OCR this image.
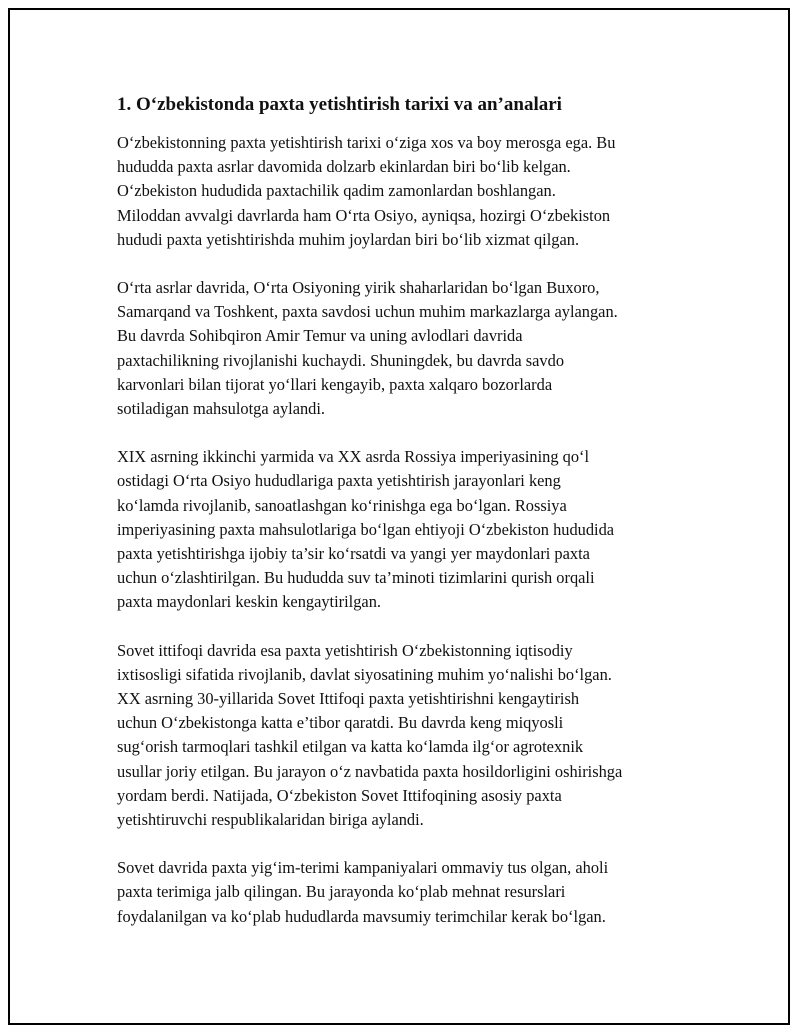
1. O‘zbekistonda paxta yetishtirish tarixi va an’analari

O‘zbekistonning paxta yetishtirish tarixi o‘ziga xos va boy merosga ega. Bu
hududda paxta asrlar davomida dolzarb ekinlardan biri bo‘lib kelgan.
O‘zbekiston hududida paxtachilik qadim zamonlardan boshlangan.
Miloddan avvalgi davrlarda ham O‘rta Osiyo, ayniqsa, hozirgi O‘zbekiston
hududi paxta yetishtirishda muhim joylardan biri bo‘lib xizmat qilgan.

O‘rta asrlar davrida, O‘rta Osiyoning yirik shaharlaridan bo‘lgan Buxoro,
Samarqand va Toshkent, paxta savdosi uchun muhim markazlarga aylangan.
Bu davrda Sohibqiron Amir Temur va uning avlodlari davrida
paxtachilikning rivojlanishi kuchaydi. Shuningdek, bu davrda savdo
karvonlari bilan tijorat yo‘llari kengayib, paxta xalqaro bozorlarda
sotiladigan mahsulotga aylandi.

XIX asrning ikkinchi yarmida va XX asrda Rossiya imperiyasining qo‘l
ostidagi O‘rta Osiyo hududlariga paxta yetishtirish jarayonlari keng
ko‘lamda rivojlanib, sanoatlashgan ko‘rinishga ega bo‘lgan. Rossiya
imperiyasining paxta mahsulotlariga bo‘lgan ehtiyoji O‘zbekiston hududida
paxta yetishtirishga ijobiy ta’sir ko‘rsatdi va yangi yer maydonlari paxta
uchun o‘zlashtirilgan. Bu hududda suv ta’minoti tizimlarini qurish orqali
paxta maydonlari keskin kengaytirilgan.

Sovet ittifoqi davrida esa paxta yetishtirish O‘zbekistonning iqtisodiy
ixtisosligi sifatida rivojlanib, davlat siyosatining muhim yo‘nalishi bo‘lgan.
XX asrning 30-yillarida Sovet Ittifoqi paxta yetishtirishni kengaytirish
uchun O‘zbekistonga katta e’tibor qaratdi. Bu davrda keng miqyosli
sug‘orish tarmoqlari tashkil etilgan va katta ko‘lamda ilg‘or agrotexnik
usullar joriy etilgan. Bu jarayon o‘z navbatida paxta hosildorligini oshirishga
yordam berdi. Natijada, O‘zbekiston Sovet Ittifoqining asosiy paxta
yetishtiruvchi respublikalaridan biriga aylandi.

Sovet davrida paxta yig‘im-terimi kampaniyalari ommaviy tus olgan, aholi
paxta terimiga jalb qilingan. Bu jarayonda ko‘plab mehnat resurslari
foydalanilgan va ko‘plab hududlarda mavsumiy terimchilar kerak bo‘lgan.
